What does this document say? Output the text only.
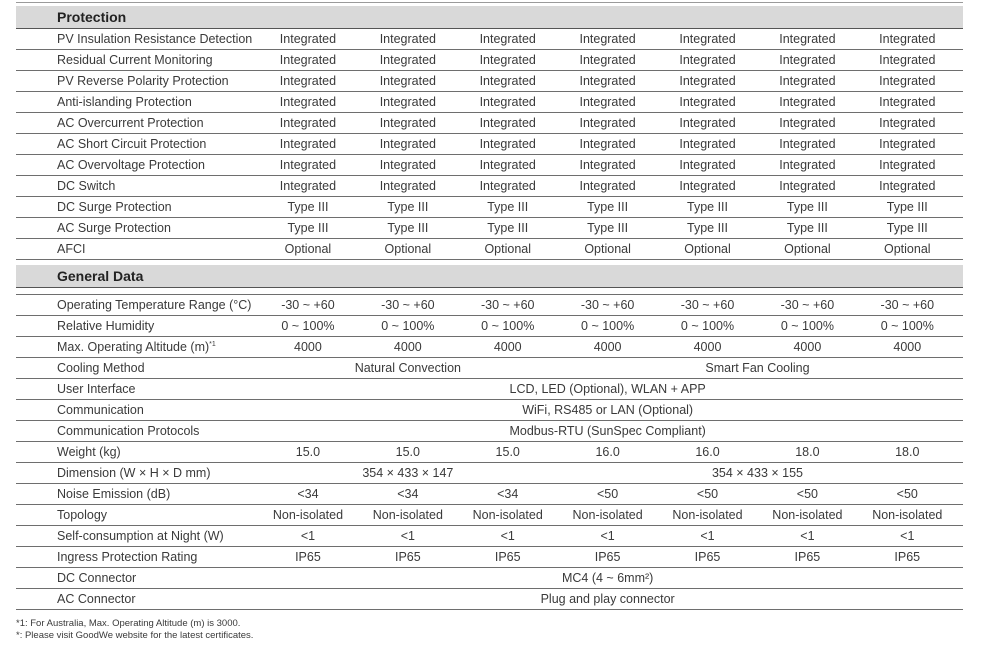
Protection
PV Insulation Resistance Detection	Integrated	Integrated	Integrated	Integrated	Integrated	Integrated	Integrated
Residual Current Monitoring	Integrated	Integrated	Integrated	Integrated	Integrated	Integrated	Integrated
PV Reverse Polarity Protection	Integrated	Integrated	Integrated	Integrated	Integrated	Integrated	Integrated
Anti-islanding Protection	Integrated	Integrated	Integrated	Integrated	Integrated	Integrated	Integrated
AC Overcurrent Protection	Integrated	Integrated	Integrated	Integrated	Integrated	Integrated	Integrated
AC Short Circuit Protection	Integrated	Integrated	Integrated	Integrated	Integrated	Integrated	Integrated
AC Overvoltage Protection	Integrated	Integrated	Integrated	Integrated	Integrated	Integrated	Integrated
DC Switch	Integrated	Integrated	Integrated	Integrated	Integrated	Integrated	Integrated
DC Surge Protection	Type III	Type III	Type III	Type III	Type III	Type III	Type III
AC Surge Protection	Type III	Type III	Type III	Type III	Type III	Type III	Type III
AFCI	Optional	Optional	Optional	Optional	Optional	Optional	Optional
General Data
Operating Temperature Range (°C)	-30 ~ +60	-30 ~ +60	-30 ~ +60	-30 ~ +60	-30 ~ +60	-30 ~ +60	-30 ~ +60
Relative Humidity	0 ~ 100%	0 ~ 100%	0 ~ 100%	0 ~ 100%	0 ~ 100%	0 ~ 100%	0 ~ 100%
Max. Operating Altitude $(m)^{*1}$	4000	4000	4000	4000	4000	4000	4000
Cooling Method	Natural Convection	Smart Fan Cooling
User Interface	LCD, LED (Optional), WLAN + APP
Communication	WiFi, RS485 or LAN (Optional)
Communication Protocols	Modbus-RTU (SunSpec Compliant)
Weight (kg)	15.0	15.0	15.0	16.0	16.0	18.0	18.0
Dimension (W × H × D mm)	354 × 433 × 147	354 × 433 × 155
Noise Emission (dB)	<34	<34	<34	<50	<50	<50	<50
Topology	Non-isolated	Non-isolated	Non-isolated	Non-isolated	Non-isolated	Non-isolated	Non-isolated
Self-consumption at Night (W)	<1	<1	<1	<1	<1	<1	<1
Ingress Protection Rating	IP65	IP65	IP65	IP65	IP65	IP65	IP65
DC Connector	MC4 (4 ~ 6mm²)
AC Connector	Plug and play connector
*1: For Australia, Max. Operating Altitude (m) is 3000.
*: Please visit GoodWe website for the latest certificates.
